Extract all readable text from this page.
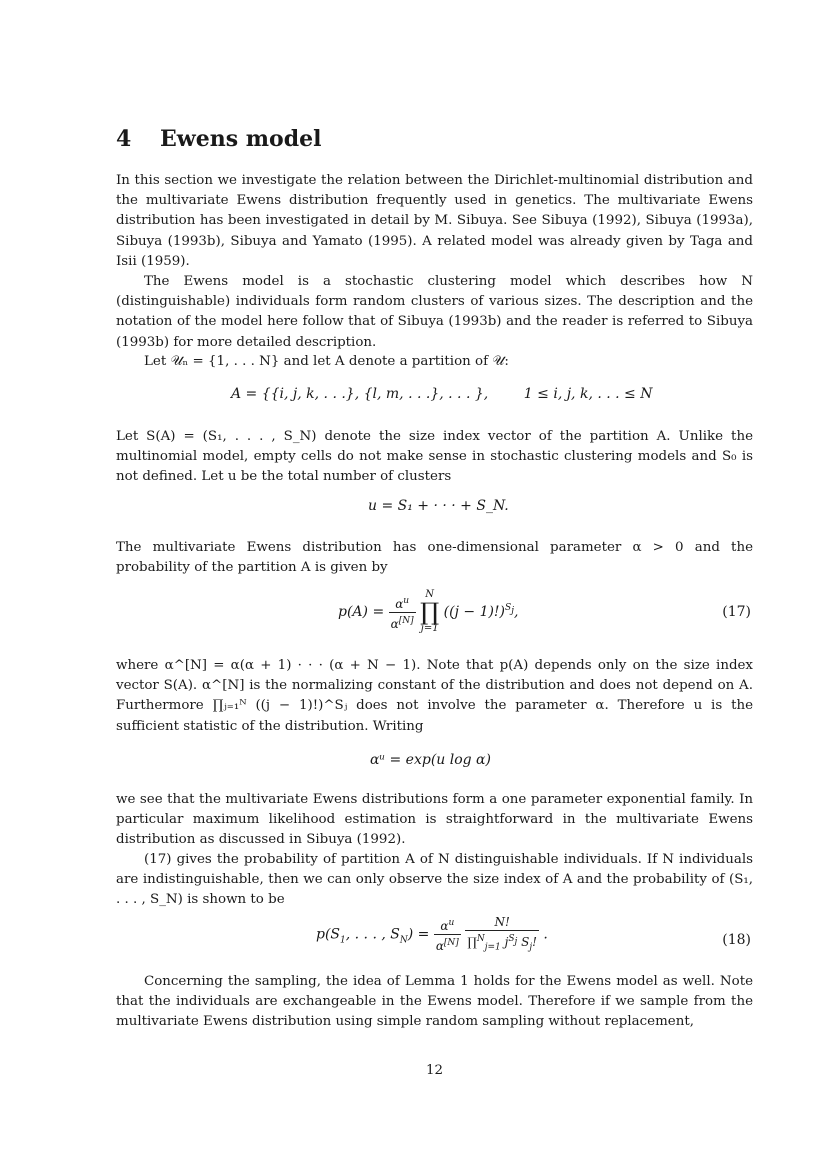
4 Ewens model

In this section we investigate the relation between the Dirichlet-multinomial distribution and the multivariate Ewens distribution frequently used in genetics. The multivariate Ewens distribution has been investigated in detail by M. Sibuya. See Sibuya (1992), Sibuya (1993a), Sibuya (1993b), Sibuya and Yamato (1995). A related model was already given by Taga and Isii (1959).

The Ewens model is a stochastic clustering model which describes how N (distinguishable) individuals form random clusters of various sizes. The description and the notation of the model here follow that of Sibuya (1993b) and the reader is referred to Sibuya (1993b) for more detailed description.

Let 𝒰ₙ = {1, . . . N} and let A denote a partition of 𝒰:

A = {{i, j, k, . . .}, {l, m, . . .}, . . . },        1 ≤ i, j, k, . . . ≤ N

Let S(A) = (S₁, . . . , S_N) denote the size index vector of the partition A. Unlike the multinomial model, empty cells do not make sense in stochastic clustering models and S₀ is not defined. Let u be the total number of clusters

u = S₁ + · · · + S_N.

The multivariate Ewens distribution has one-dimensional parameter α > 0 and the probability of the partition A is given by

$p(A) = \frac{\alpha^u}{\alpha^{[N]}}$
N
∏
j=1
$((j - 1)!)^{S_j}$,	(17)

where α^[N] = α(α + 1) · · · (α + N − 1). Note that p(A) depends only on the size index vector S(A). α^[N] is the normalizing constant of the distribution and does not depend on A. Furthermore ∏ⱼ₌₁ᴺ ((j − 1)!)^Sⱼ does not involve the parameter α. Therefore u is the sufficient statistic of the distribution. Writing

αᵘ = exp(u log α)

we see that the multivariate Ewens distributions form a one parameter exponential family. In particular maximum likelihood estimation is straightforward in the multivariate Ewens distribution as discussed in Sibuya (1992).

(17) gives the probability of partition A of N distinguishable individuals. If N individuals are indistinguishable, then we can only observe the size index of A and the probability of (S₁, . . . , S_N) is shown to be

$p(S_1$, . . . , $S_N) = \frac{\alpha^u}{\alpha^{[N]}}$
$\frac{N!}{\prod^N_{j=1} j^{S_j} S_j!}$ .	(18)

Concerning the sampling, the idea of Lemma 1 holds for the Ewens model as well. Note that the individuals are exchangeable in the Ewens model. Therefore if we sample from the multivariate Ewens distribution using simple random sampling without replacement,

12
